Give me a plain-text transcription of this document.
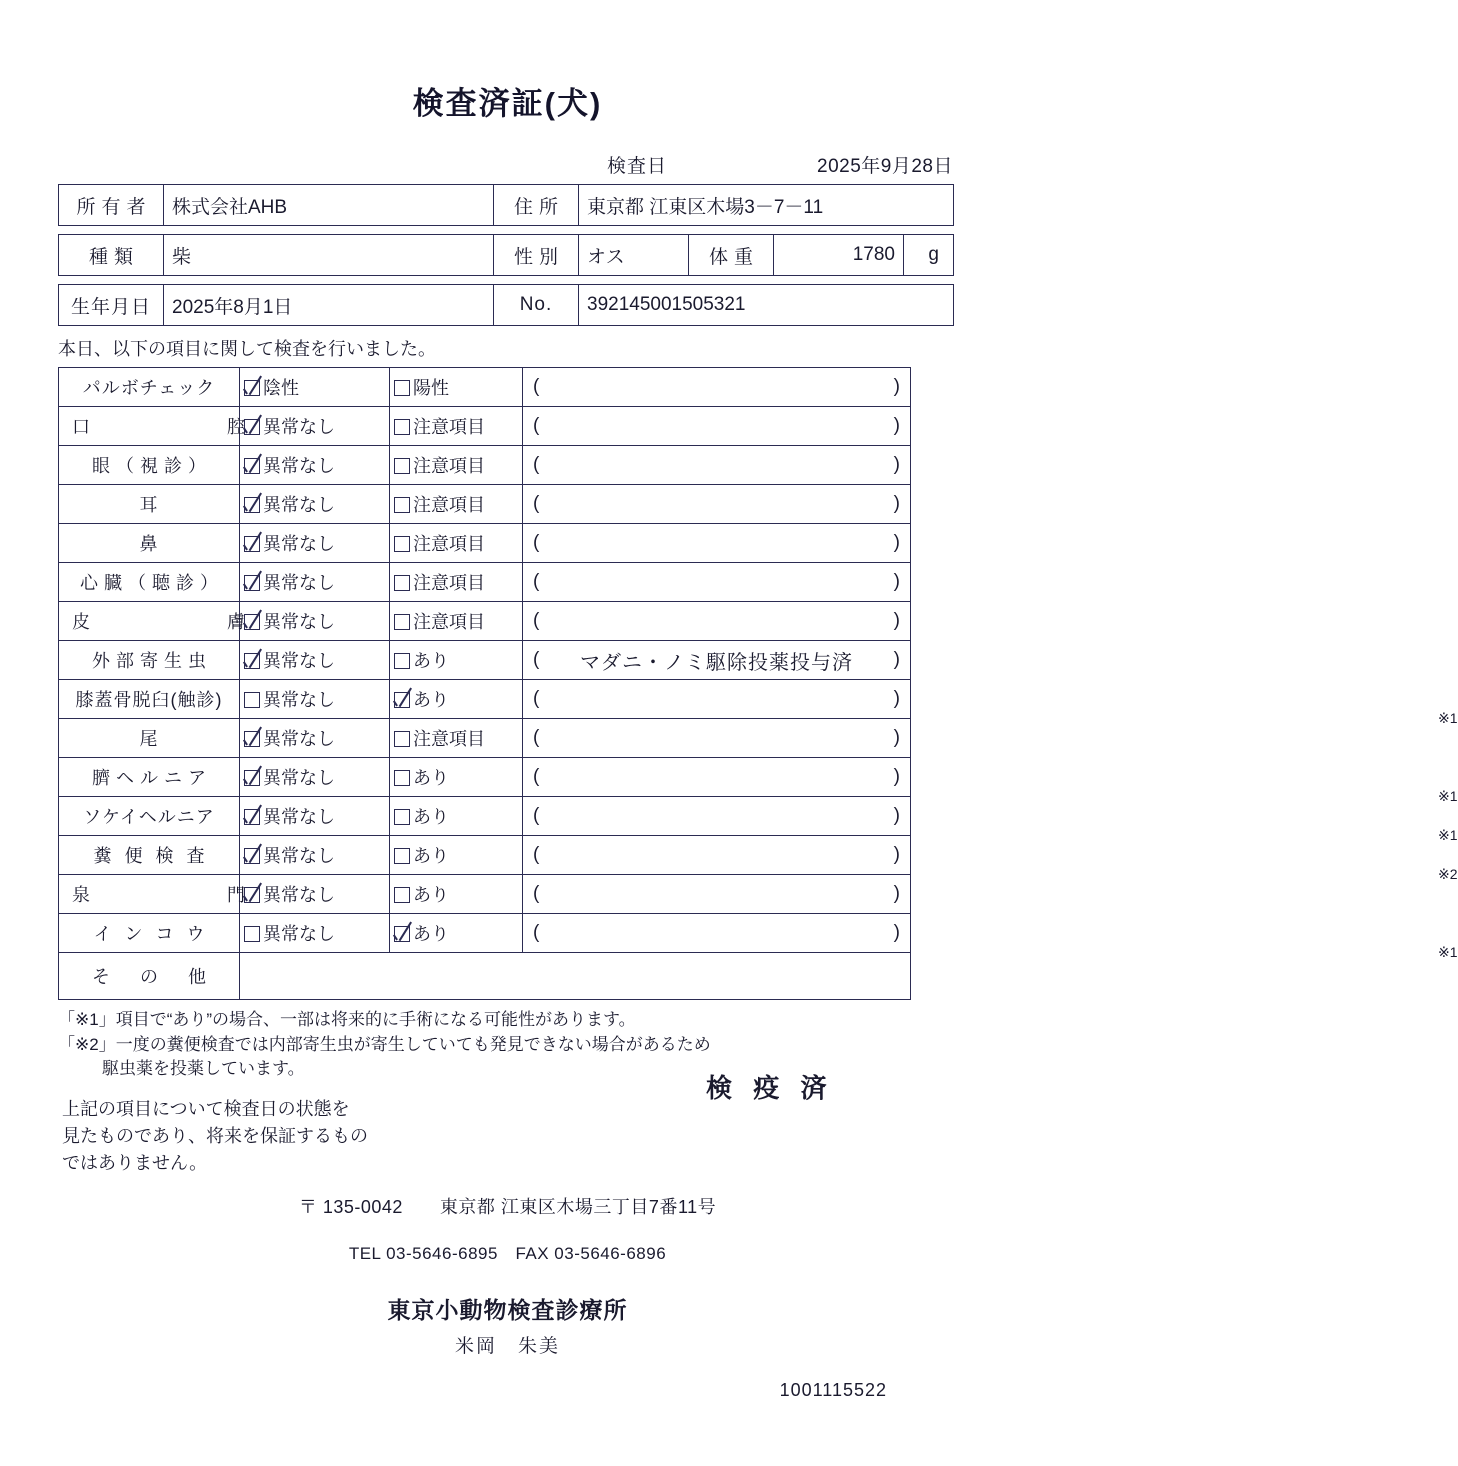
検査済証(犬)
検査日	2025年9月28日
所有者	株式会社AHB	住所	東京都 江東区木場3－7－11
種類	柴	性別	オス	体重	1780	g
生年月日	2025年8月1日	No.	392145001505321
本日、以下の項目に関して検査を行いました。
パルボチェック	陰性	陽性	( )

口　　　　腔	異常なし	注意項目	( )

眼（視診）	異常なし	注意項目	( )

耳	異常なし	注意項目	( )

鼻	異常なし	注意項目	( )

心臓（聴診）	異常なし	注意項目	( )

皮　　　　膚	異常なし	注意項目	( )

外部寄生虫	異常なし	あり	( マダニ・ノミ駆除投薬投与済 )

膝蓋骨脱臼(触診)	異常なし	あり	( )
※1

尾	異常なし	注意項目	( )

臍ヘルニア	異常なし	あり	( )
※1

ソケイヘルニア	異常なし	あり	( )
※1

糞便検査	異常なし	あり	( )
※2

泉　　　　門	異常なし	あり	( )

インコウ	異常なし	あり	( )
※1

そ　の　他			
「※1」項目で“あり”の場合、一部は将来的に手術になる可能性があります。
「※2」一度の糞便検査では内部寄生虫が寄生していても発見できない場合があるため
駆虫薬を投薬しています。
上記の項目について検査日の状態を
見たものであり、将来を保証するもの
ではありません。
検 疫 済
〒 135-0042　　東京都 江東区木場三丁目7番11号
TEL 03-5646-6895　FAX 03-5646-6896
東京小動物検査診療所
米岡　朱美
1001115522
